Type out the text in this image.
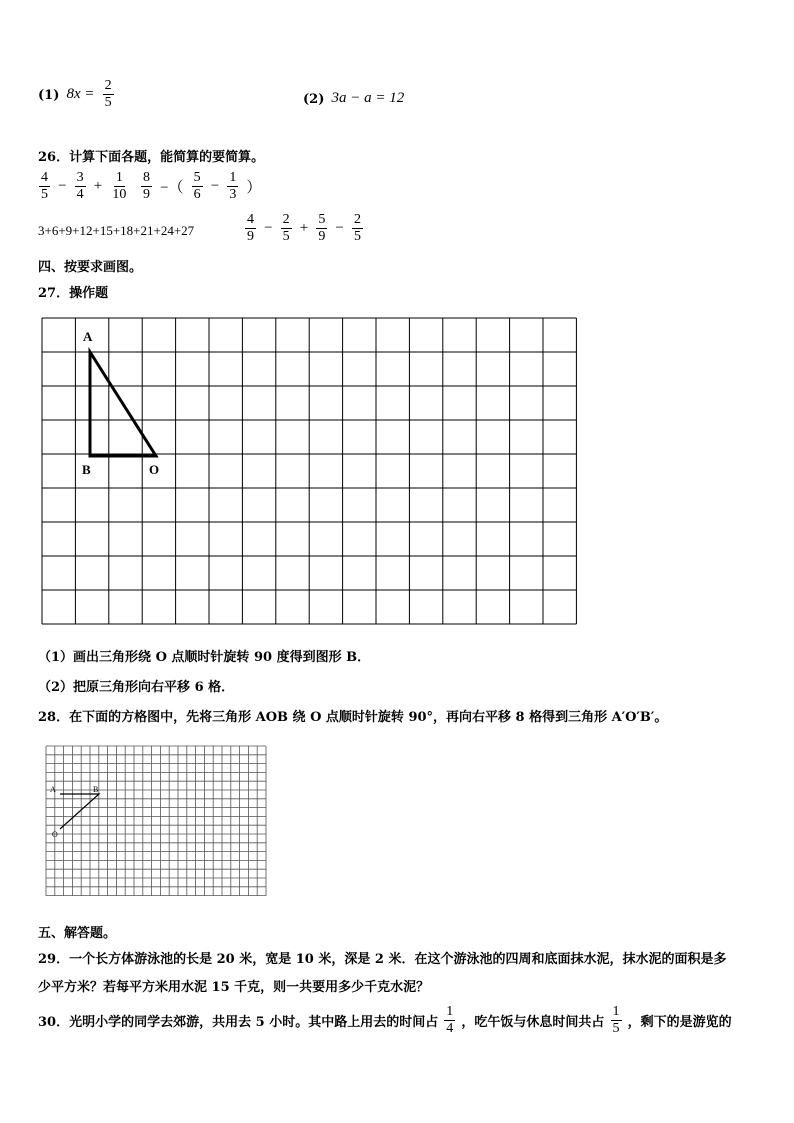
(1) $8x = \frac{2}{5}$	(2) 3a − a = 12
26．计算下面各题，能简算的要简算。
$\frac{4}{5} - \frac{3}{4} + \frac{1}{10} \frac{8}{9}$ −（ $\frac{5}{6} - \frac{1}{3}$ ）
3+6+9+12+15+18+21+24+27	$\frac{4}{9} - \frac{2}{5} + \frac{5}{9} - \frac{2}{5}$
四、按要求画图。
27．操作题
A
B	O
（1）画出三角形绕 O 点顺时针旋转 90 度得到图形 B．
（2）把原三角形向右平移 6 格．
28．在下面的方格图中，先将三角形 AOB 绕 O 点顺时针旋转 90°，再向右平移 8 格得到三角形 A′O′B′。
A	B
O
五、解答题。
29．一个长方体游泳池的长是 20 米，宽是 10 米，深是 2 米．在这个游泳池的四周和底面抹水泥，抹水泥的面积是多
少平方米？若每平方米用水泥 15 千克，则一共要用多少千克水泥？
30．光明小学的同学去郊游，共用去 5 小时。其中路上用去的时间占 $\frac{1}{4}$ ，吃午饭与休息时间共占 $\frac{1}{5}$ ，剩下的是游览的
